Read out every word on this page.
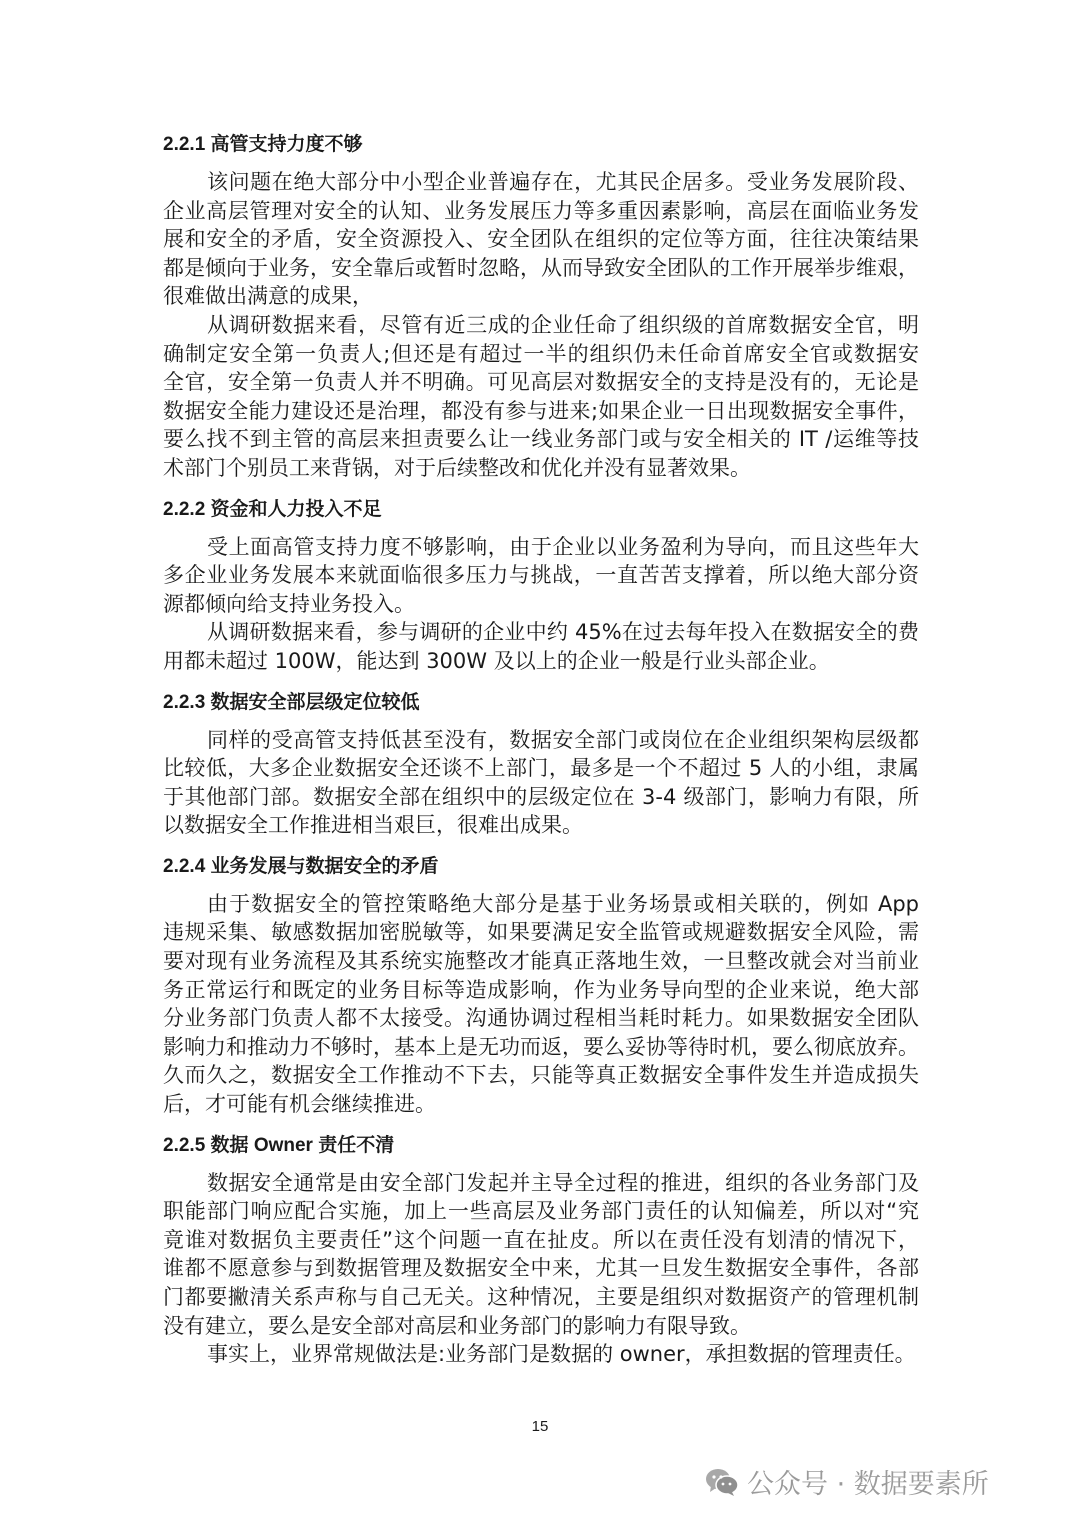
2.2.1 高管支持力度不够
该问题在绝大部分中小型企业普遍存在，尤其民企居多。受业务发展阶段、
企业高层管理对安全的认知、业务发展压力等多重因素影响，高层在面临业务发
展和安全的矛盾，安全资源投入、安全团队在组织的定位等方面，往往决策结果
都是倾向于业务，安全靠后或暂时忽略，从而导致安全团队的工作开展举步维艰，
很难做出满意的成果，
从调研数据来看，尽管有近三成的企业任命了组织级的首席数据安全官，明
确制定安全第一负责人;但还是有超过一半的组织仍未任命首席安全官或数据安
全官，安全第一负责人并不明确。可见高层对数据安全的支持是没有的，无论是
数据安全能力建设还是治理，都没有参与进来;如果企业一日出现数据安全事件，
要么找不到主管的高层来担责要么让一线业务部门或与安全相关的 IT /运维等技
术部门个别员工来背锅，对于后续整改和优化并没有显著效果。
2.2.2 资金和人力投入不足
受上面高管支持力度不够影响，由于企业以业务盈利为导向，而且这些年大
多企业业务发展本来就面临很多压力与挑战，一直苦苦支撑着，所以绝大部分资
源都倾向给支持业务投入。
从调研数据来看，参与调研的企业中约 45%在过去每年投入在数据安全的费
用都未超过 100W，能达到 300W 及以上的企业一般是行业头部企业。
2.2.3 数据安全部层级定位较低
同样的受高管支持低甚至没有，数据安全部门或岗位在企业组织架构层级都
比较低，大多企业数据安全还谈不上部门，最多是一个不超过 5 人的小组，隶属
于其他部门部。数据安全部在组织中的层级定位在 3-4 级部门，影响力有限，所
以数据安全工作推进相当艰巨，很难出成果。
2.2.4 业务发展与数据安全的矛盾
由于数据安全的管控策略绝大部分是基于业务场景或相关联的，例如 App
违规采集、敏感数据加密脱敏等，如果要满足安全监管或规避数据安全风险，需
要对现有业务流程及其系统实施整改才能真正落地生效，一旦整改就会对当前业
务正常运行和既定的业务目标等造成影响，作为业务导向型的企业来说，绝大部
分业务部门负责人都不太接受。沟通协调过程相当耗时耗力。如果数据安全团队
影响力和推动力不够时，基本上是无功而返，要么妥协等待时机，要么彻底放弃。
久而久之，数据安全工作推动不下去，只能等真正数据安全事件发生并造成损失
后，才可能有机会继续推进。
2.2.5 数据 Owner 责任不清
数据安全通常是由安全部门发起并主导全过程的推进，组织的各业务部门及
职能部门响应配合实施，加上一些高层及业务部门责任的认知偏差，所以对“究
竟谁对数据负主要责任”这个问题一直在扯皮。所以在责任没有划清的情况下，
谁都不愿意参与到数据管理及数据安全中来，尤其一旦发生数据安全事件，各部
门都要撇清关系声称与自己无关。这种情况，主要是组织对数据资产的管理机制
没有建立，要么是安全部对高层和业务部门的影响力有限导致。
事实上，业界常规做法是:业务部门是数据的 owner，承担数据的管理责任。
15
公众号 · 数据要素所
